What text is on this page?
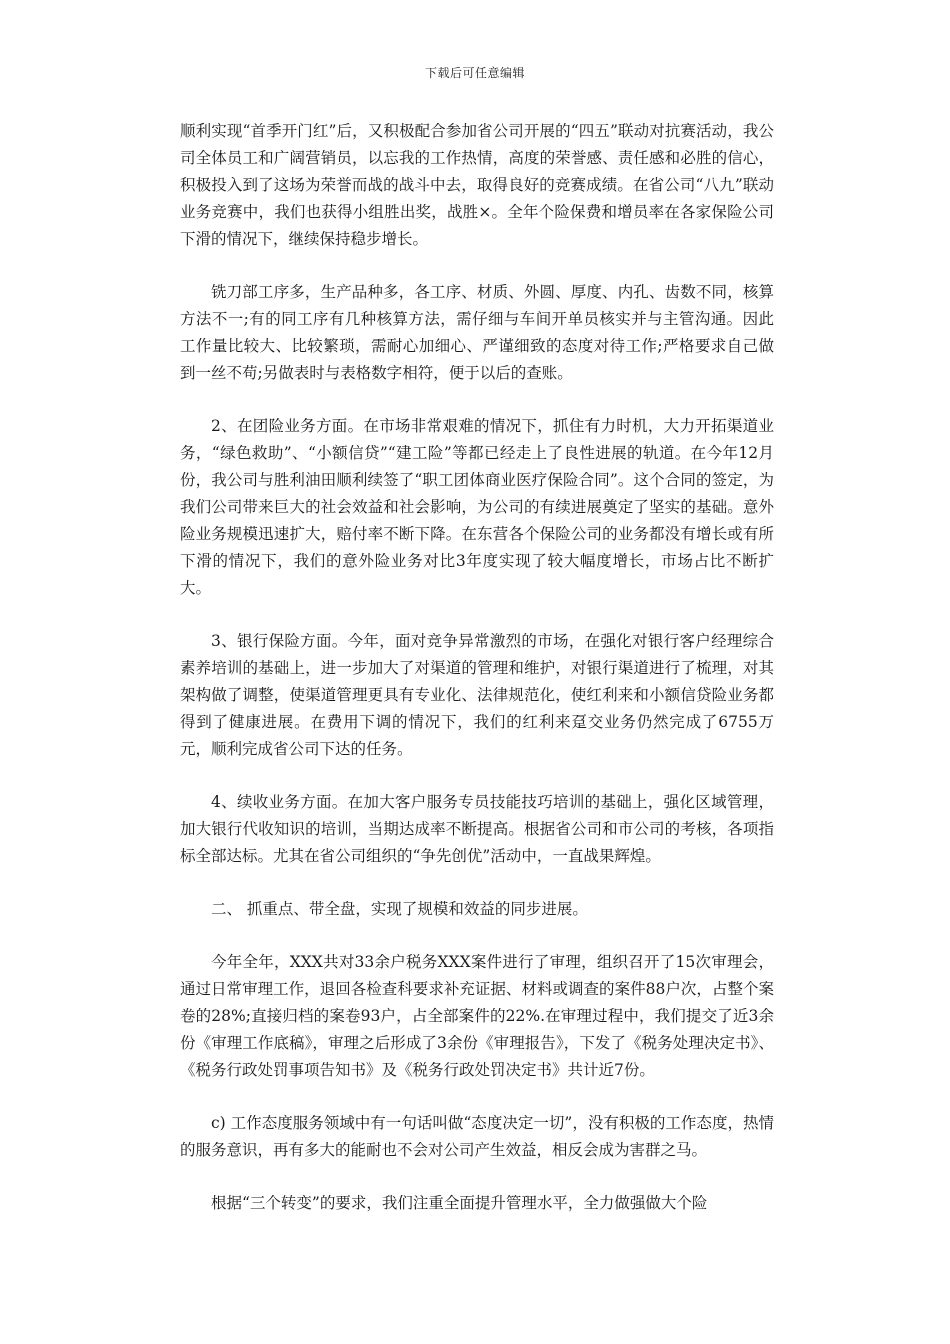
下载后可任意编辑

顺利实现“首季开门红”后，又积极配合参加省公司开展的“四五”联动对抗赛活动，我公司全体员工和广阔营销员，以忘我的工作热情，高度的荣誉感、责任感和必胜的信心，积极投入到了这场为荣誉而战的战斗中去，取得良好的竞赛成绩。在省公司“八九”联动业务竞赛中，我们也获得小组胜出奖，战胜×。全年个险保费和增员率在各家保险公司下滑的情况下，继续保持稳步增长。

铣刀部工序多，生产品种多，各工序、材质、外圆、厚度、内孔、齿数不同，核算方法不一;有的同工序有几种核算方法，需仔细与车间开单员核实并与主管沟通。因此工作量比较大、比较繁琐，需耐心加细心、严谨细致的态度对待工作;严格要求自己做到一丝不苟;另做表时与表格数字相符，便于以后的查账。

2、在团险业务方面。在市场非常艰难的情况下，抓住有力时机，大力开拓渠道业务，“绿色救助”、“小额信贷”“建工险”等都已经走上了良性进展的轨道。在今年12月份，我公司与胜利油田顺利续签了“职工团体商业医疗保险合同”。这个合同的签定，为我们公司带来巨大的社会效益和社会影响，为公司的有续进展奠定了坚实的基础。意外险业务规模迅速扩大，赔付率不断下降。在东营各个保险公司的业务都没有增长或有所下滑的情况下，我们的意外险业务对比3年度实现了较大幅度增长，市场占比不断扩大。

3、银行保险方面。今年，面对竞争异常激烈的市场，在强化对银行客户经理综合素养培训的基础上，进一步加大了对渠道的管理和维护，对银行渠道进行了梳理，对其架构做了调整，使渠道管理更具有专业化、法律规范化，使红利来和小额信贷险业务都得到了健康进展。在费用下调的情况下，我们的红利来趸交业务仍然完成了6755万元，顺利完成省公司下达的任务。

4、续收业务方面。在加大客户服务专员技能技巧培训的基础上，强化区域管理，加大银行代收知识的培训，当期达成率不断提高。根据省公司和市公司的考核，各项指标全部达标。尤其在省公司组织的“争先创优”活动中，一直战果辉煌。

二、 抓重点、带全盘，实现了规模和效益的同步进展。

今年全年，XXX共对33余户税务XXX案件进行了审理，组织召开了15次审理会，通过日常审理工作，退回各检查科要求补充证据、材料或调查的案件88户次，占整个案卷的28%;直接归档的案卷93户，占全部案件的22%.在审理过程中，我们提交了近3余份《审理工作底稿》，审理之后形成了3余份《审理报告》，下发了《税务处理决定书》、《税务行政处罚事项告知书》及《税务行政处罚决定书》共计近7份。

c) 工作态度服务领域中有一句话叫做“态度决定一切”，没有积极的工作态度，热情的服务意识，再有多大的能耐也不会对公司产生效益，相反会成为害群之马。

根据“三个转变”的要求，我们注重全面提升管理水平，全力做强做大个险
